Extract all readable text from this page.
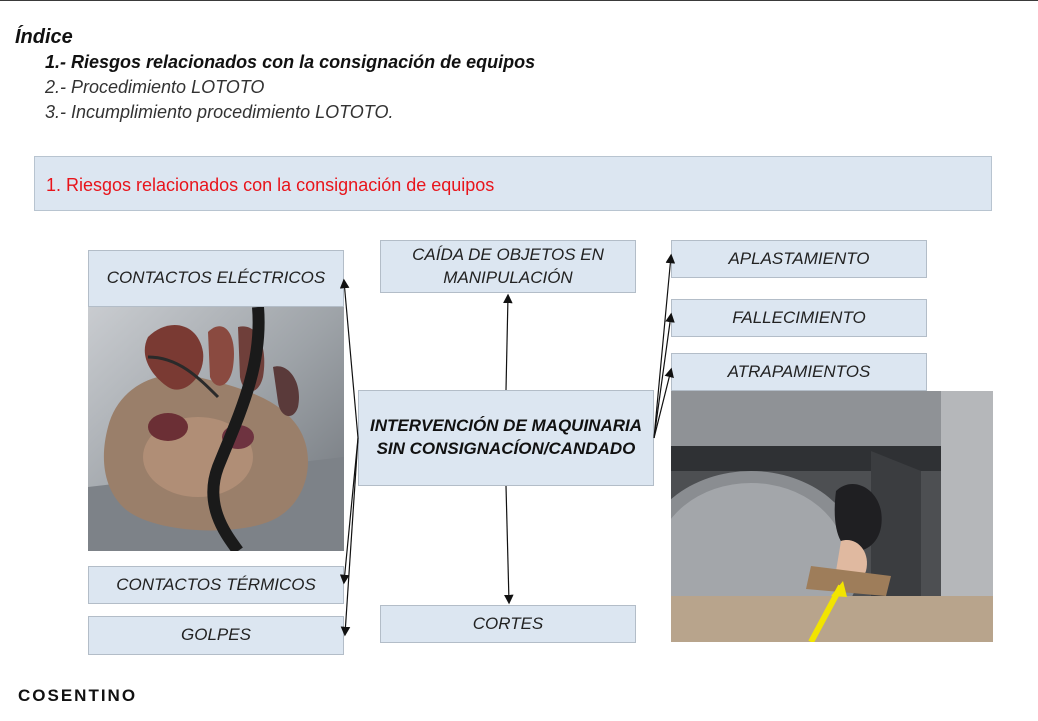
Índice
1.- Riesgos relacionados con la consignación de equipos
2.- Procedimiento LOTOTO
3.- Incumplimiento procedimiento LOTOTO.
1. Riesgos relacionados con la consignación de equipos
CONTACTOS ELÉCTRICOS
CONTACTOS TÉRMICOS
GOLPES
CAÍDA DE OBJETOS EN MANIPULACIÓN
INTERVENCIÓN DE MAQUINARIA SIN CONSIGNACÍON/CANDADO
CORTES
APLASTAMIENTO
FALLECIMIENTO
ATRAPAMIENTOS
COSENTINO
